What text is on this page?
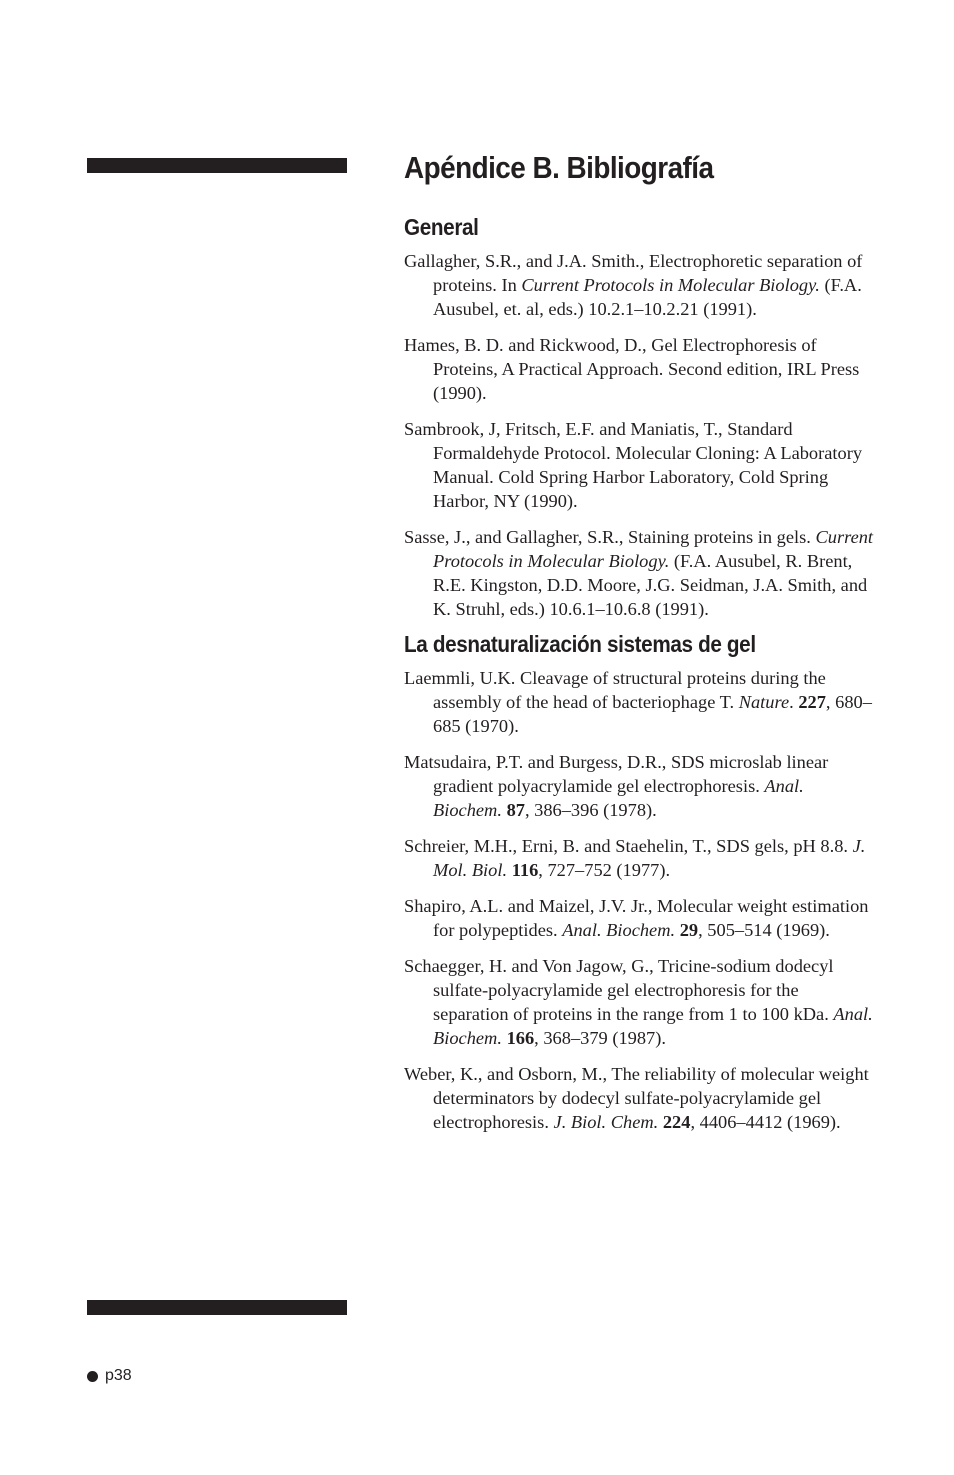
Apéndice B. Bibliografía
General

Gallagher, S.R., and J.A. Smith., Electrophoretic separation of proteins. In Current Protocols in Molecular Biology. (F.A. Ausubel, et. al, eds.) 10.2.1–10.2.21 (1991).

Hames, B. D. and Rickwood, D., Gel Electrophoresis of Proteins, A Practical Approach. Second edition, IRL Press (1990).

Sambrook, J, Fritsch, E.F. and Maniatis, T., Standard Formaldehyde Protocol. Molecular Cloning: A Laboratory Manual. Cold Spring Harbor Laboratory, Cold Spring Harbor, NY (1990).

Sasse, J., and Gallagher, S.R., Staining proteins in gels. Current Protocols in Molecular Biology. (F.A. Ausubel, R. Brent, R.E. Kingston, D.D. Moore, J.G. Seidman, J.A. Smith, and K. Struhl, eds.) 10.6.1–10.6.8 (1991).

La desnaturalización sistemas de gel

Laemmli, U.K. Cleavage of structural proteins during the assembly of the head of bacteriophage T. Nature. 227, 680–685 (1970).

Matsudaira, P.T. and Burgess, D.R., SDS microslab linear gradient polyacrylamide gel electrophoresis. Anal. Biochem. 87, 386–396 (1978).

Schreier, M.H., Erni, B. and Staehelin, T., SDS gels, pH 8.8. J. Mol. Biol. 116, 727–752 (1977).

Shapiro, A.L. and Maizel, J.V. Jr., Molecular weight estimation for polypeptides. Anal. Biochem. 29, 505–514 (1969).

Schaegger, H. and Von Jagow, G., Tricine-sodium dodecyl sulfate-polyacrylamide gel electrophoresis for the separation of proteins in the range from 1 to 100 kDa. Anal. Biochem. 166, 368–379 (1987).

Weber, K., and Osborn, M., The reliability of molecular weight determinators by dodecyl sulfate-polyacrylamide gel electrophoresis. J. Biol. Chem. 224, 4406–4412 (1969).

p38
